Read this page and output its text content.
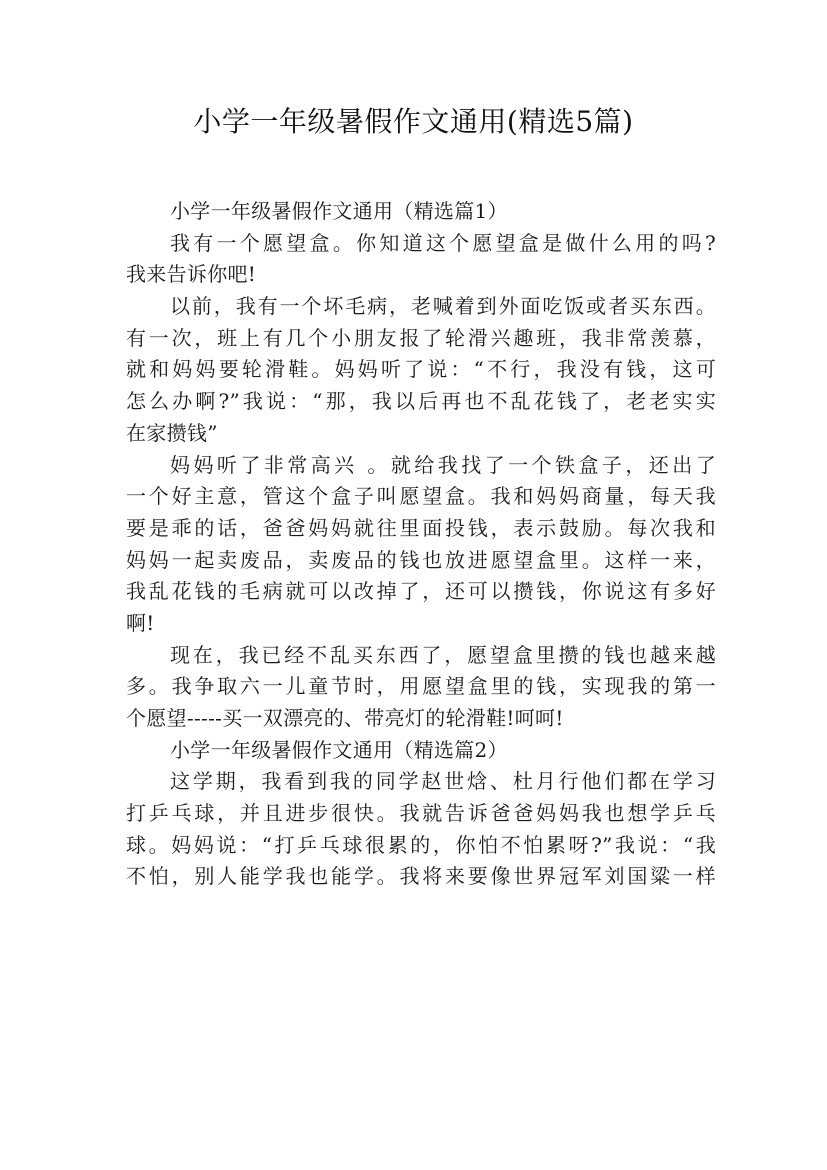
小学一年级暑假作文通用(精选5篇)
小学一年级暑假作文通用（精选篇1）
我有一个愿望盒。你知道这个愿望盒是做什么用的吗?
我来告诉你吧!
以前，我有一个坏毛病，老喊着到外面吃饭或者买东西。
有一次，班上有几个小朋友报了轮滑兴趣班，我非常羡慕，
就和妈妈要轮滑鞋。妈妈听了说：“不行，我没有钱，这可
怎么办啊?”我说：“那，我以后再也不乱花钱了，老老实实
在家攒钱”
妈妈听了非常高兴 。就给我找了一个铁盒子，还出了
一个好主意，管这个盒子叫愿望盒。我和妈妈商量，每天我
要是乖的话，爸爸妈妈就往里面投钱，表示鼓励。每次我和
妈妈一起卖废品，卖废品的钱也放进愿望盒里。这样一来，
我乱花钱的毛病就可以改掉了，还可以攒钱，你说这有多好
啊!
现在，我已经不乱买东西了，愿望盒里攒的钱也越来越
多。我争取六一儿童节时，用愿望盒里的钱，实现我的第一
个愿望-----买一双漂亮的、带亮灯的轮滑鞋!呵呵!
小学一年级暑假作文通用（精选篇2）
这学期，我看到我的同学赵世焓、杜月行他们都在学习
打乒乓球，并且进步很快。我就告诉爸爸妈妈我也想学乒乓
球。妈妈说：“打乒乓球很累的，你怕不怕累呀?”我说：“我
不怕，别人能学我也能学。我将来要像世界冠军刘国粱一样
